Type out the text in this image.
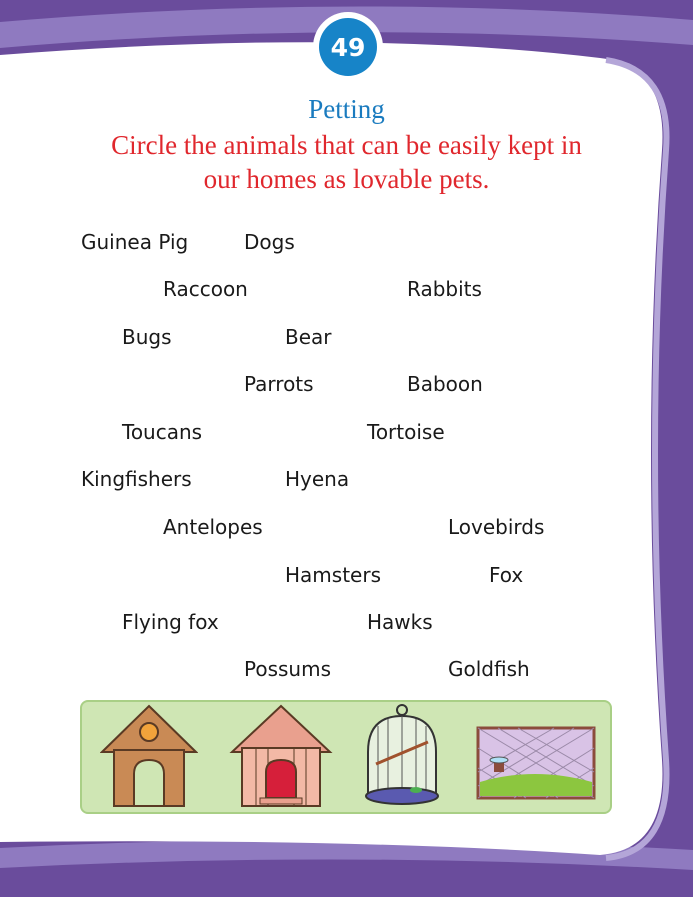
49
Petting
Circle the animals that can be easily kept in
our homes as lovable pets.
Guinea Pig	Dogs
Raccoon	Rabbits
Bugs	Bear
Parrots	Baboon
Toucans	Tortoise
Kingfishers	Hyena
Antelopes	Lovebirds
Hamsters	Fox
Flying fox	Hawks
Possums	Goldfish
